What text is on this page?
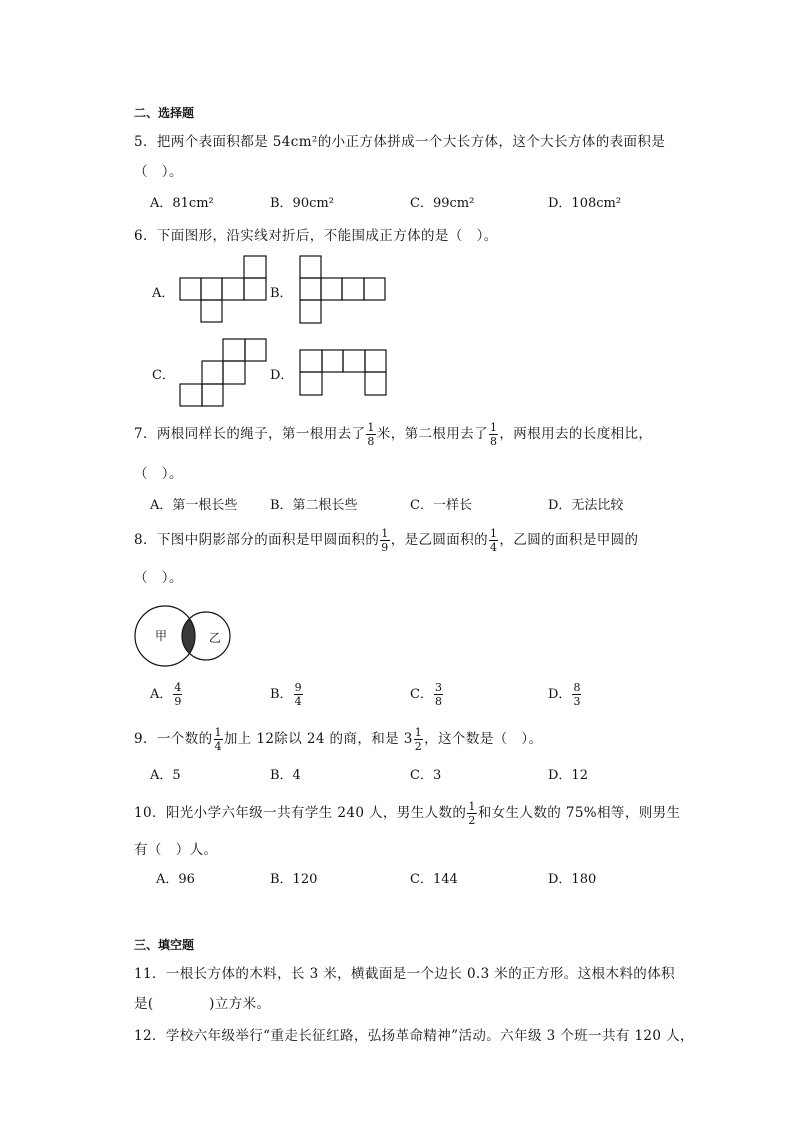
二、选择题
5．把两个表面积都是 54cm²的小正方体拼成一个大长方体，这个大长方体的表面积是
（　）。
A．81cm²	B．90cm²	C．99cm²	D．108cm²
6．下面图形，沿实线对折后，不能围成正方体的是（　）。
A．	B．
C．	D．
7．两根同样长的绳子，第一根用去了 $\frac{1}{8}$ 米，第二根用去了 $\frac{1}{8}$ ，两根用去的长度相比，
（　）。
A．第一根长些	B．第二根长些	C．一样长	D．无法比较
8．下图中阴影部分的面积是甲圆面积的 $\frac{1}{9}$ ，是乙圆面积的 $\frac{1}{4}$ ，乙圆的面积是甲圆的
（　）。
甲	乙
A． $\frac{4}{9}$	B． $\frac{9}{4}$	C． $\frac{3}{8}$	D． $\frac{8}{3}$
9．一个数的 $\frac{1}{4}$ 加上 12除以 24 的商，和是 $3 \frac{1}{2}$ ，这个数是（　）。
A．5	B．4	C．3	D．12
10．阳光小学六年级一共有学生 240 人，男生人数的 $\frac{1}{2}$ 和女生人数的 75%相等，则男生
有（　）人。
A．96	B．120	C．144	D．180
三、填空题
11．一根长方体的木料，长 3 米，横截面是一个边长 0.3 米的正方形。这根木料的体积
是(　　　　)立方米。
12．学校六年级举行“重走长征红路，弘扬革命精神”活动。六年级 3 个班一共有 120 人，
